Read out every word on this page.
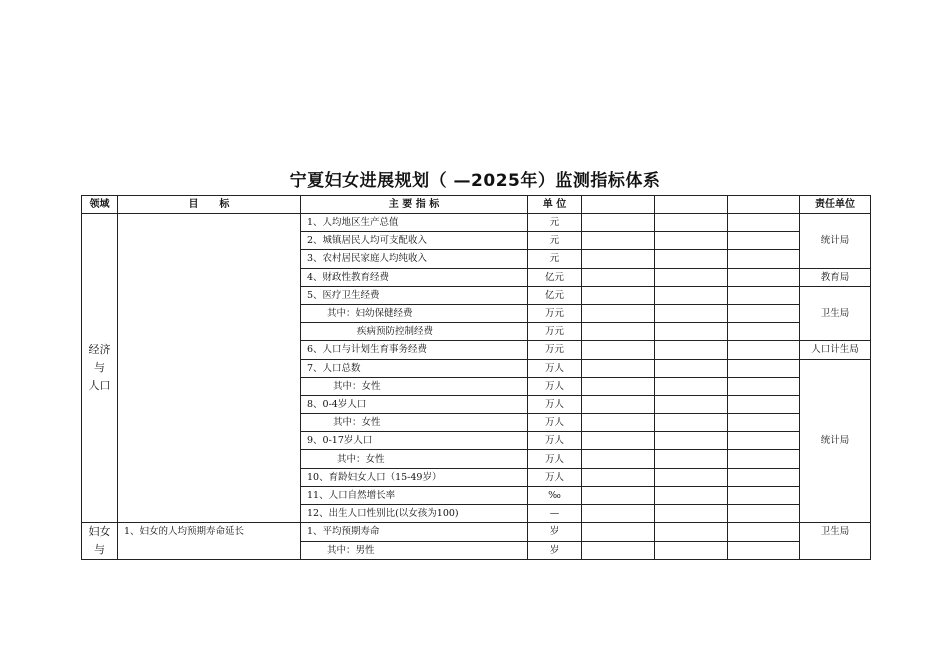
宁夏妇女进展规划（ —2025年）监测指标体系
领域	目      标	主 要 指 标	单 位				责任单位

经济
与
人口		1、人均地区生产总值	元				统计局
		2、城镇居民人均可支配收入	元				
		3、农村居民家庭人均纯收入	元				
		4、财政性教育经费	亿元				教育局
		5、医疗卫生经费	亿元				卫生局
		其中：妇幼保健经费	万元				
		疾病预防控制经费	万元				
		6、人口与计划生育事务经费	万元				人口计生局
		7、人口总数	万人				统计局
		其中：女性	万人				
		8、0-4岁人口	万人				
		其中：女性	万人				
		9、0-17岁人口	万人				
		其中：女性	万人				
		10、育龄妇女人口（15-49岁）	万人				
		11、人口自然增长率	‰				
		12、出生人口性别比(以女孩为100)	—				

妇女
与	1、妇女的人均预期寿命延长	1、平均预期寿命	岁				卫生局
		其中：男性	岁				
